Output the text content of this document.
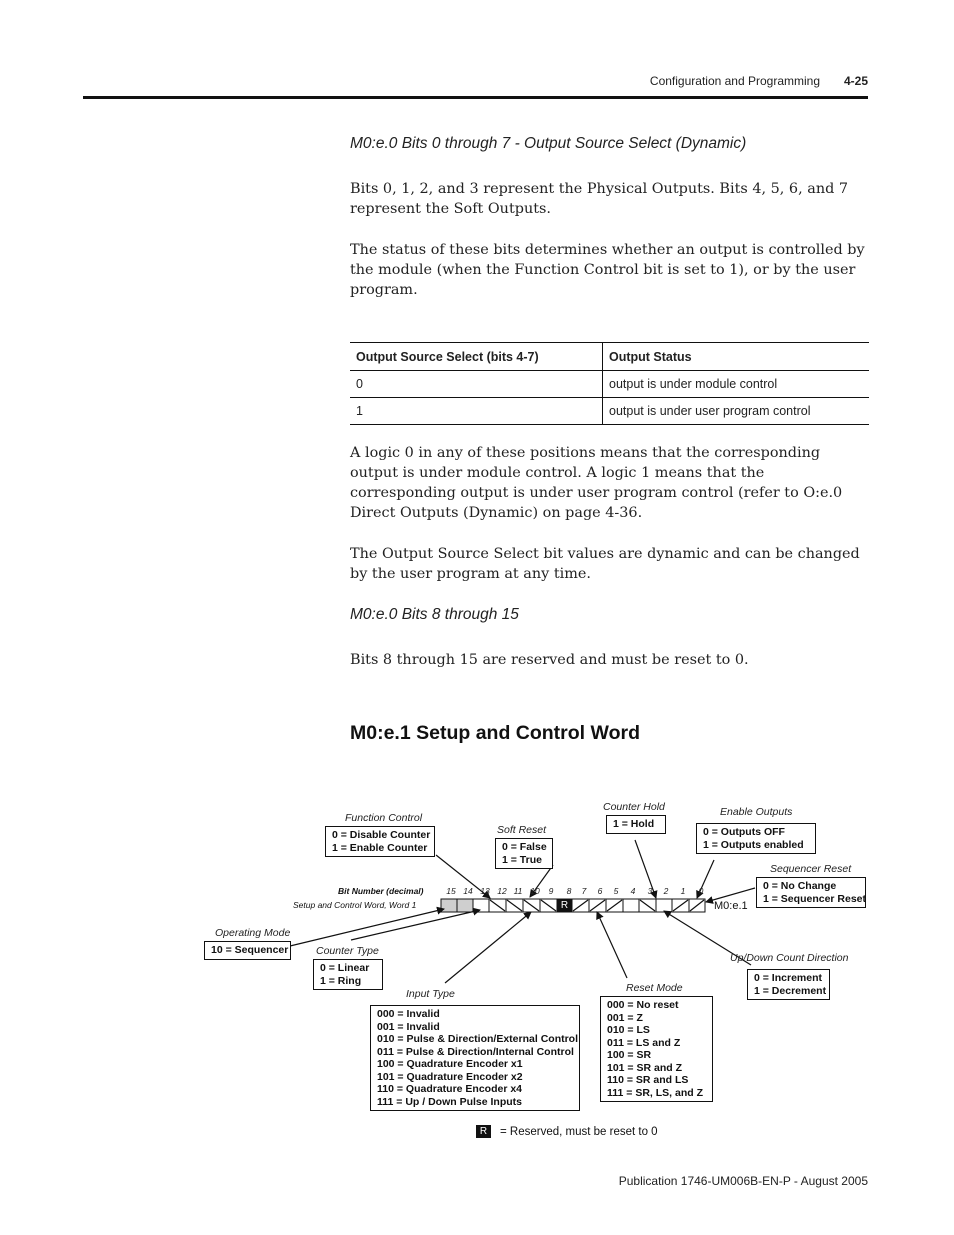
Configuration and Programming 4-25
M0:e.0 Bits 0 through 7 - Output Source Select (Dynamic)
Bits 0, 1, 2, and 3 represent the Physical Outputs. Bits 4, 5, 6, and 7
represent the Soft Outputs.
The status of these bits determines whether an output is controlled by
the module (when the Function Control bit is set to 1), or by the user
program.
Output Source Select (bits 4-7)	Output Status
0	output is under module control
1	output is under user program control
A logic 0 in any of these positions means that the corresponding
output is under module control. A logic 1 means that the
corresponding output is under user program control (refer to O:e.0
Direct Outputs (Dynamic) on page 4-36.
The Output Source Select bit values are dynamic and can be changed
by the user program at any time.
M0:e.0 Bits 8 through 15
Bits 8 through 15 are reserved and must be reset to 0.
M0:e.1 Setup and Control Word
R
R
15 14 13 12 11 10	9	8	7	6	5	4	3	2	1	0
Bit Number (decimal)
Setup and Control Word, Word 1	M0:e.1
Function Control
0 = Disable Counter
1 = Enable Counter
Soft Reset
0 = False
1 = True
Counter Hold
1 = Hold
Enable Outputs
0 = Outputs OFF
1 = Outputs enabled
Sequencer Reset
0 = No Change
1 = Sequencer Reset
Operating Mode
10 = Sequencer	Counter Type
0 = Linear
1 = Ring
Input Type
000 = Invalid
001 = Invalid
010 = Pulse & Direction/External Control
011 = Pulse & Direction/Internal Control
100 = Quadrature Encoder x1
101 = Quadrature Encoder x2
110 = Quadrature Encoder x4
111 = Up / Down Pulse Inputs
Reset Mode
000 = No reset
001 = Z
010 = LS
011 = LS and Z
100 = SR
101 = SR and Z
110 = SR and LS
111 = SR, LS, and Z
Up/Down Count Direction
0 = Increment
1 = Decrement
= Reserved, must be reset to 0
Publication 1746-UM006B-EN-P - August 2005
